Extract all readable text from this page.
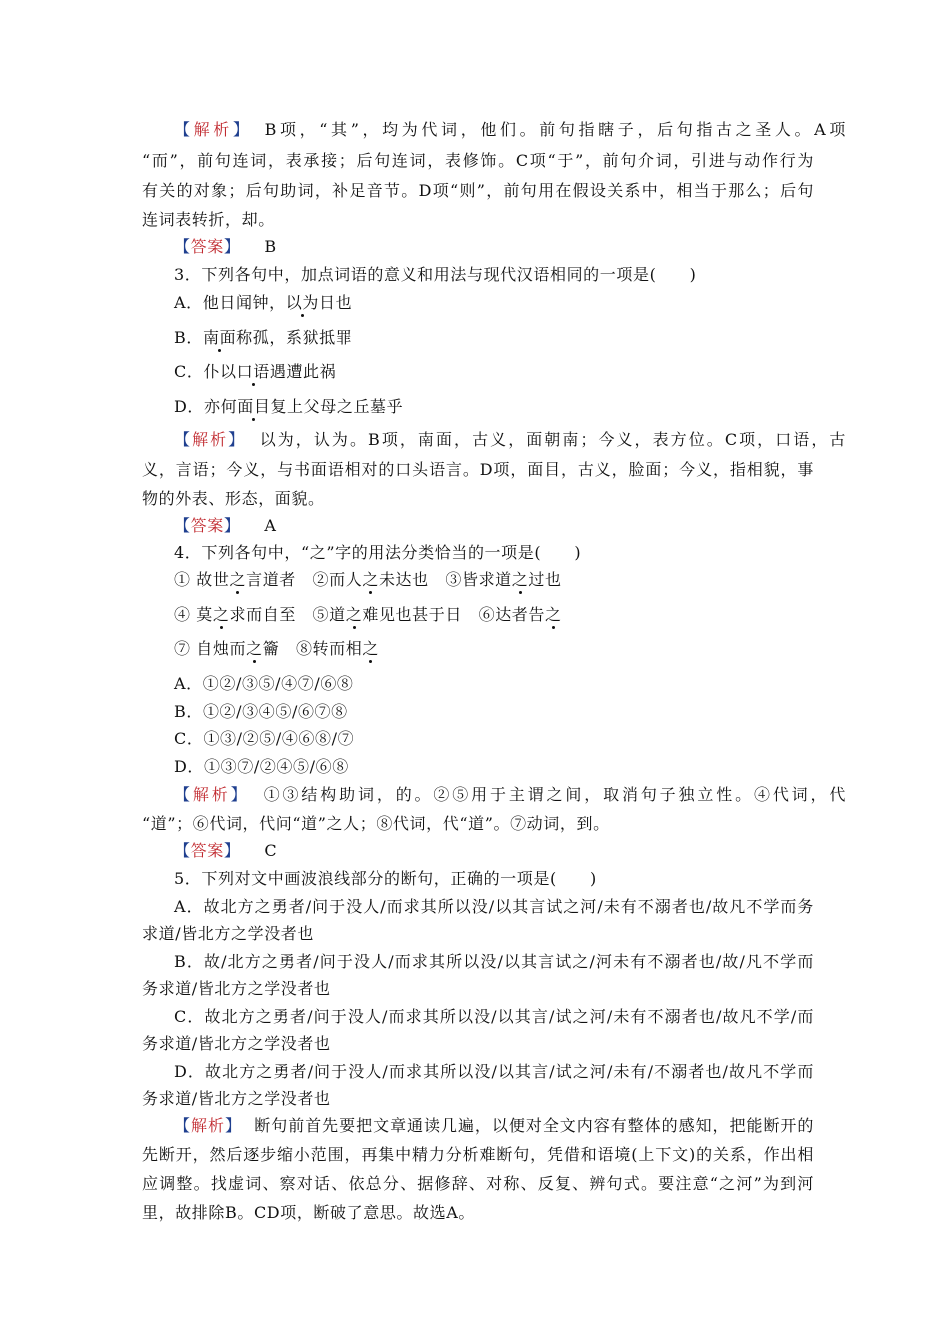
【解析】 B项，“其”，均为代词，他们。前句指瞎子，后句指古之圣人。A项
“而”，前句连词，表承接；后句连词，表修饰。C项“于”，前句介词，引进与动作行为
有关的对象；后句助词，补足音节。D项“则”，前句用在假设关系中，相当于那么；后句
连词表转折，却。
【答案】 B
3．下列各句中，加点词语的意义和用法与现代汉语相同的一项是(　　)
A．他日闻钟，以为日也
B．南面称孤，系狱抵罪
C．仆以口语遇遭此祸
D．亦何面目复上父母之丘墓乎
【解析】 以为，认为。B项，南面，古义，面朝南；今义，表方位。C项，口语，古
义，言语；今义，与书面语相对的口头语言。D项，面目，古义，脸面；今义，指相貌，事
物的外表、形态，面貌。
【答案】 A
4．下列各句中，“之”字的用法分类恰当的一项是(　　)
① 故世之言道者　 ②而人之未达也　 ③皆求道之过也
④ 莫之求而自至　 ⑤道之难见也甚于日　 ⑥达者告之
⑦ 自烛而之籥　 ⑧转而相之
A．①②/③⑤/④⑦/⑥⑧
B．①②/③④⑤/⑥⑦⑧
C．①③/②⑤/④⑥⑧/⑦
D．①③⑦/②④⑤/⑥⑧
【解析】 ①③结构助词，的。②⑤用于主谓之间，取消句子独立性。④代词，代
“道”；⑥代词，代问“道”之人；⑧代词，代“道”。⑦动词，到。
【答案】 C
5．下列对文中画波浪线部分的断句，正确的一项是(　　)
A．故北方之勇者/问于没人/而求其所以没/以其言试之河/未有不溺者也/故凡不学而务
求道/皆北方之学没者也
B．故/北方之勇者/问于没人/而求其所以没/以其言试之/河未有不溺者也/故/凡不学而
务求道/皆北方之学没者也
C．故北方之勇者/问于没人/而求其所以没/以其言/试之河/未有不溺者也/故凡不学/而
务求道/皆北方之学没者也
D．故北方之勇者/问于没人/而求其所以没/以其言/试之河/未有/不溺者也/故凡不学而
务求道/皆北方之学没者也
【解析】 断句前首先要把文章通读几遍，以便对全文内容有整体的感知，把能断开的
先断开，然后逐步缩小范围，再集中精力分析难断句，凭借和语境(上下文)的关系，作出相
应调整。找虚词、察对话、依总分、据修辞、对称、反复、辨句式。要注意“之河”为到河
里，故排除B。CD项，断破了意思。故选A。
